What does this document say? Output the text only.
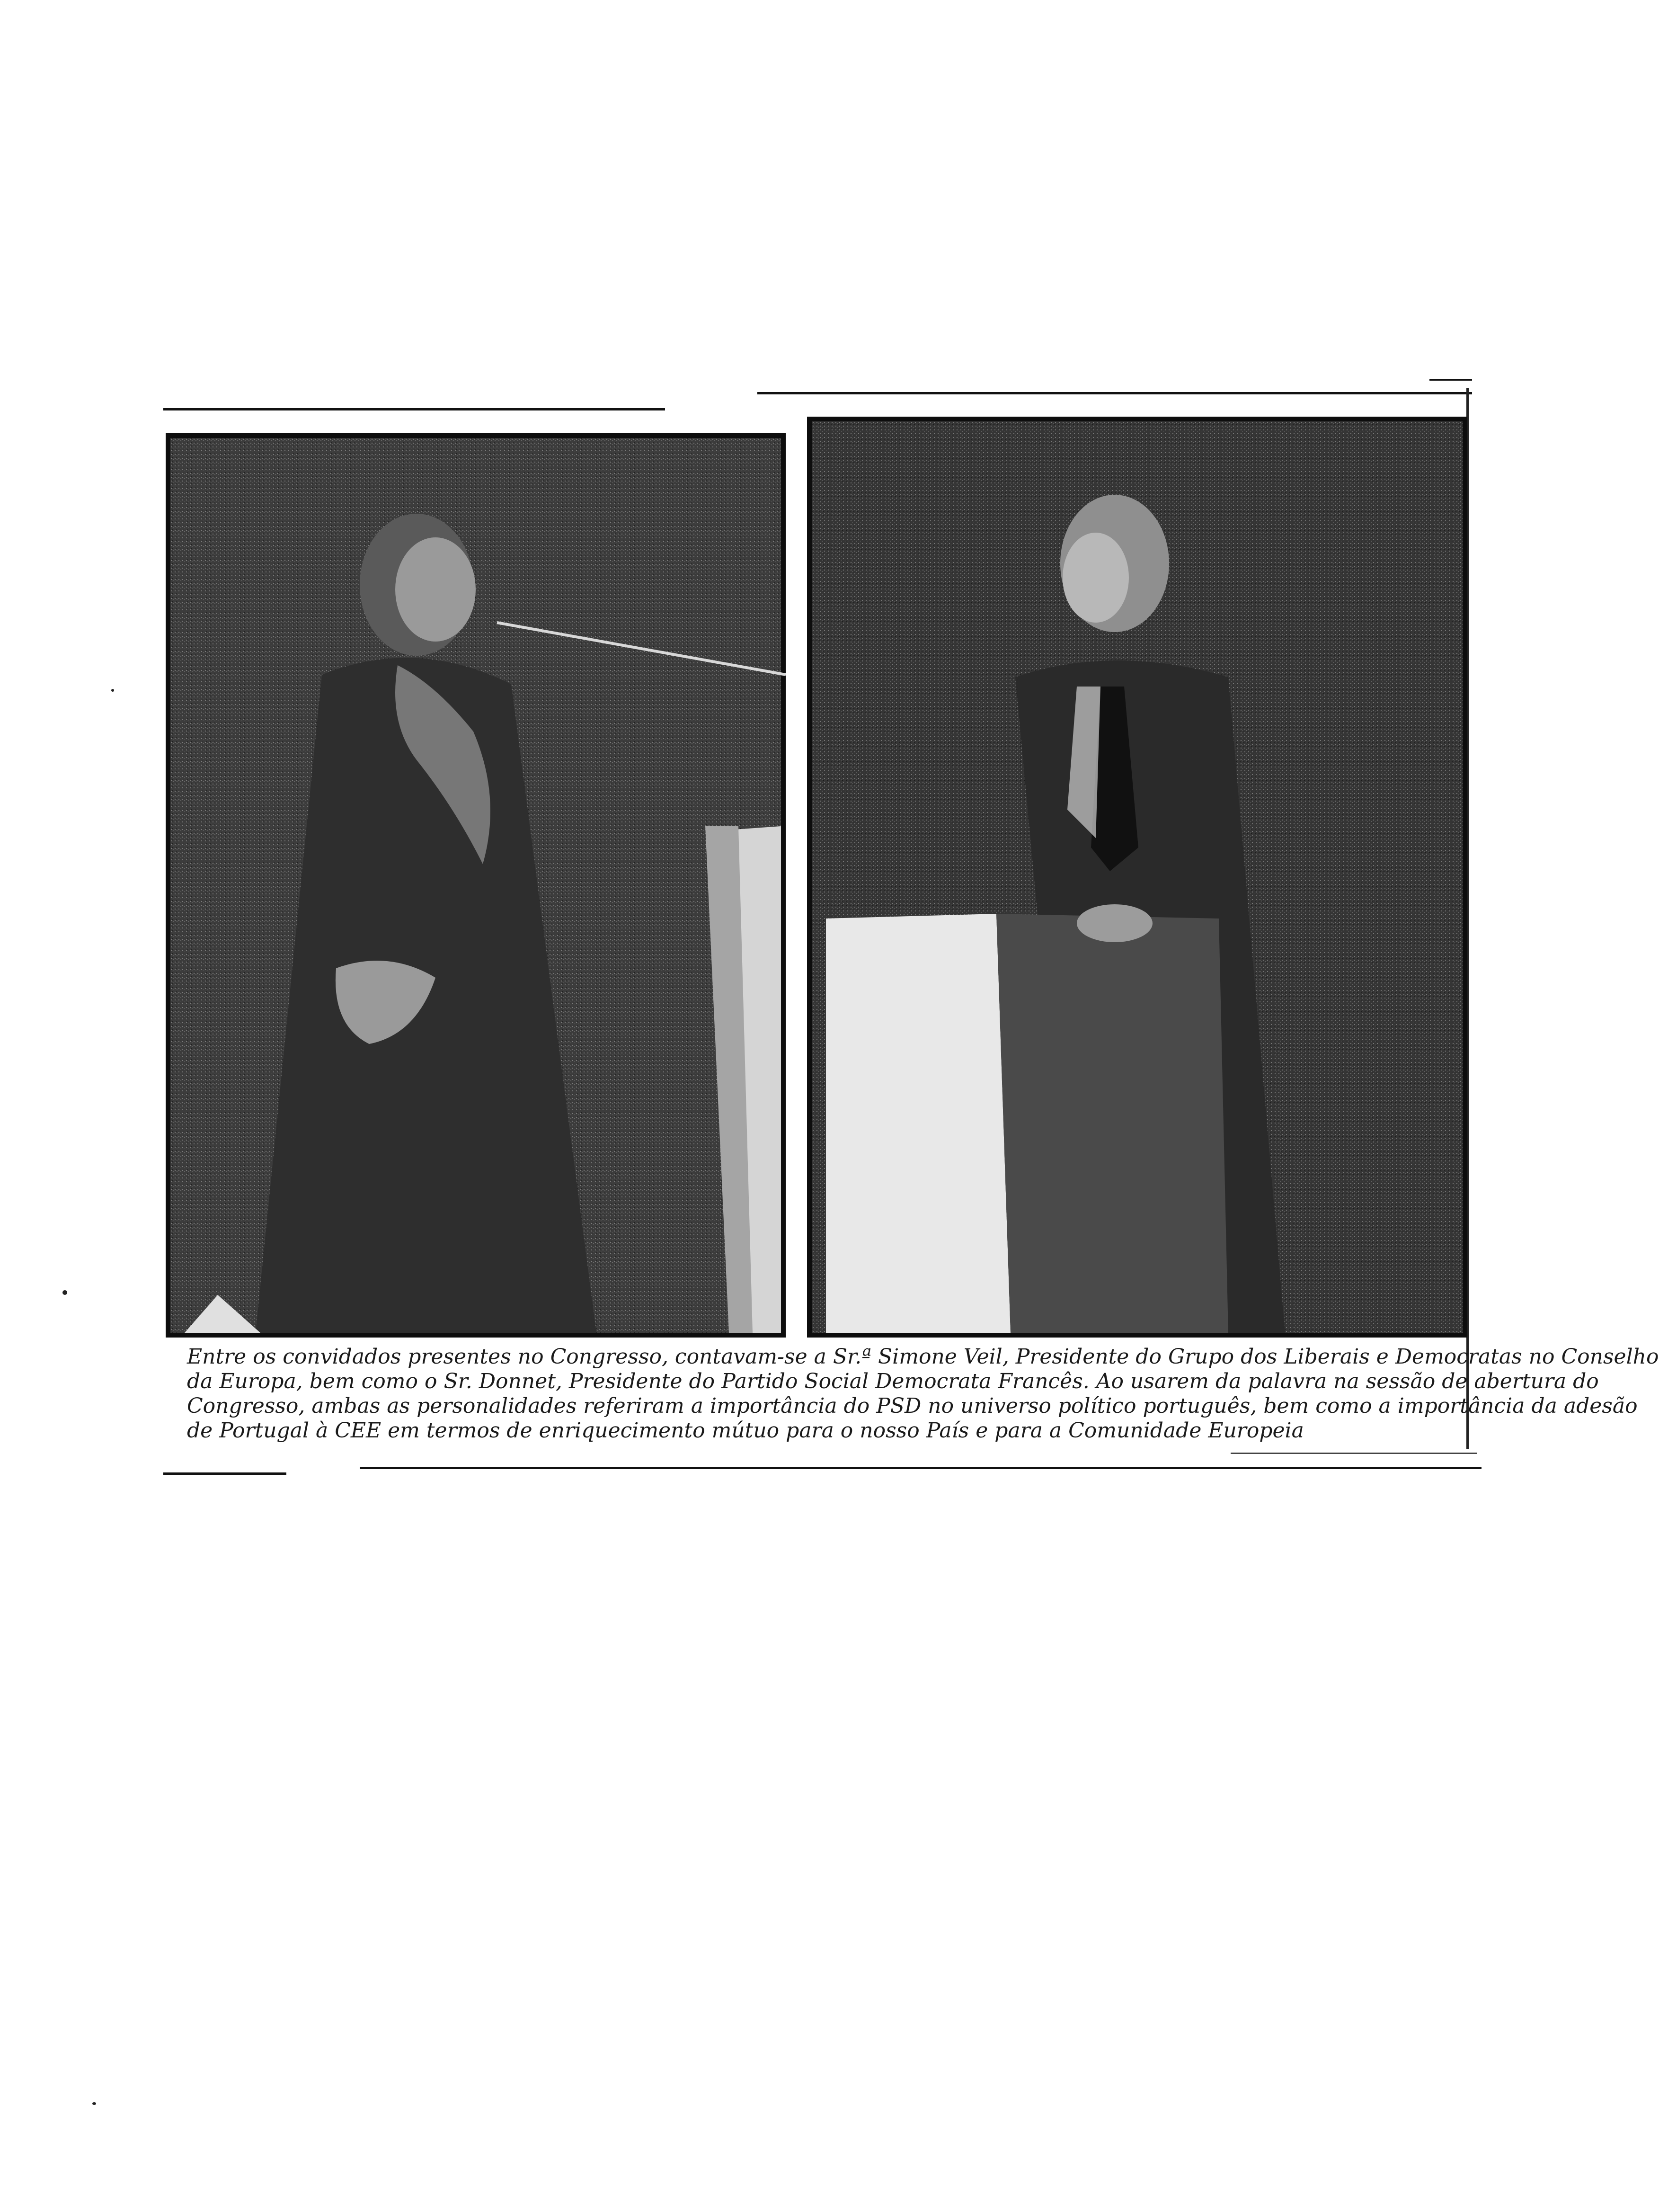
Entre os convidados presentes no Congresso, contavam-se a Sr.ª Simone Veil, Presidente do Grupo dos Liberais e Democratas no Conselho
da Europa, bem como o Sr. Donnet, Presidente do Partido Social Democrata Francês. Ao usarem da palavra na sessão de abertura do
Congresso, ambas as personalidades referiram a importância do PSD no universo político português, bem como a importância da adesão
de Portugal à CEE em termos de enriquecimento mútuo para o nosso País e para a Comunidade Europeia
